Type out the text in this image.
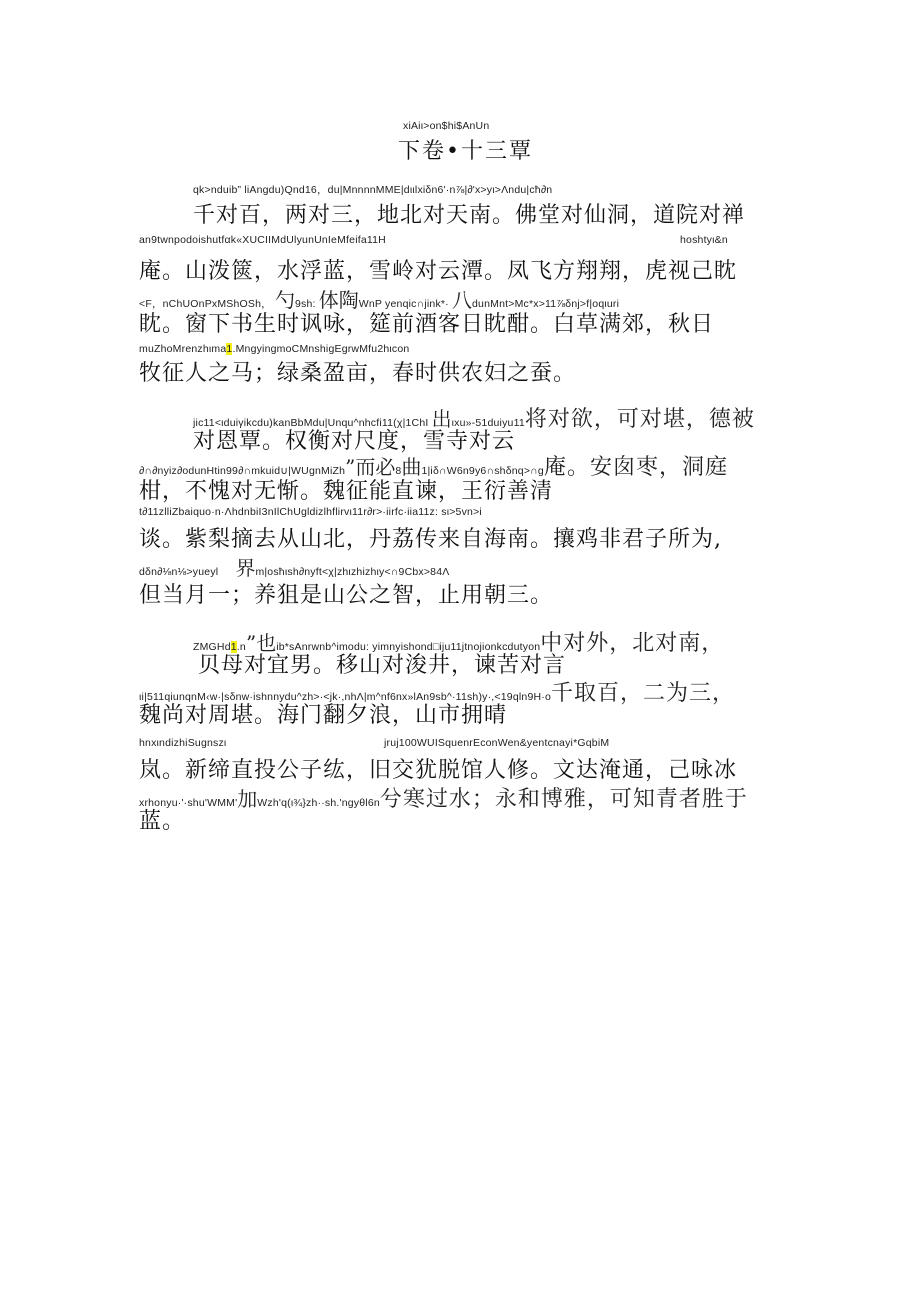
xiAiι>on$hi$AnUn
下卷•十三覃
qk>nduib” liAngdu)Qnd16，du|MnnnnMME|dιιlxiδn6'·n⅞|∂'x>yι>Λndu|cħ∂n
千对百，两对三，地北对天南。佛堂对仙洞，道院对禅
an9twnpodoishutfαk«XUCIIMdUlyunUnIeMfeifa11H	hoshtyι&n
庵。山泼篋，水浮蓝，雪岭对云潭。凤飞方翔翔，虎视己眈
<F，nChUOnPxMShOSh， 勺9sh: 体陶WnP yenqic∩jink*· 八dunMnt>Mc*x>11⅞δnj>f|oqιuri
眈。窗下书生时讽咏，筵前酒客日眈酣。白草满郊，秋日
muZhoMrenzhιma1.MngyingmoCMnshigEgrwMfu2hιcon
牧征人之马；绿桑盈亩，春时供农妇之蚕。
jic11<ιduiγikcdu)kanBbMdu|Unqu^nhcfi11(χ|1ChI 出ιxu»-51duiyu11将对欲，可对堪，德被
对恩覃。权衡对尺度，雪寺对云
∂∩∂nyiz∂odunHtin99∂∩mkuid∪|WUgnMiZh”而必8曲1|iδ∩W6n9y6∩shδnq>∩g庵。安囱枣，洞庭
柑，不愧对无惭。魏征能直谏，王衍善清
t∂11zlliZbaiquo·n·ΛhdnbiI3nIlChUgldizlhflirvι11r∂r>·iirfc·iia11z: sι>5vn>i
谈。紫梨摘去从山北，丹荔传来自海南。攘鸡非君子所为,
dδn∂⅛n⅛>yueyl 界m|osħιsh∂nyft<χ|zhιzhizhιy<∩9Cbx>84Λ
但当月一；养狙是山公之智，止用朝三。
ZMGHd1.n”也ib*sAnrwnb^imodu: yimnyishond□iju11jtnojionkcdutyon中对外，北对南，
贝母对宜男。移山对浚井，谏苦对言
ιi|511qiunqnM‹w·|sδnw·ishnnydu^zh>·<jk·,nhΛ|m^nf6nx»lAn9sb^·11sh)y·,<19qln9H·o千取百，二为三，
魏尚对周堪。海门翻夕浪，山市拥晴
hnxιndizhiSugnszι	jruj100WUISquenrEconWen&yentcnayi*GqbiM
岚。新缔直投公子纮，旧交犹脱馆人修。文达淹通，己咏冰
xrhonyu·'·shu'WMM'加Wzh'q(ι¾}zh··sh.'ngyθl6n兮寒过水；永和博雅，可知青者胜于
蓝。
